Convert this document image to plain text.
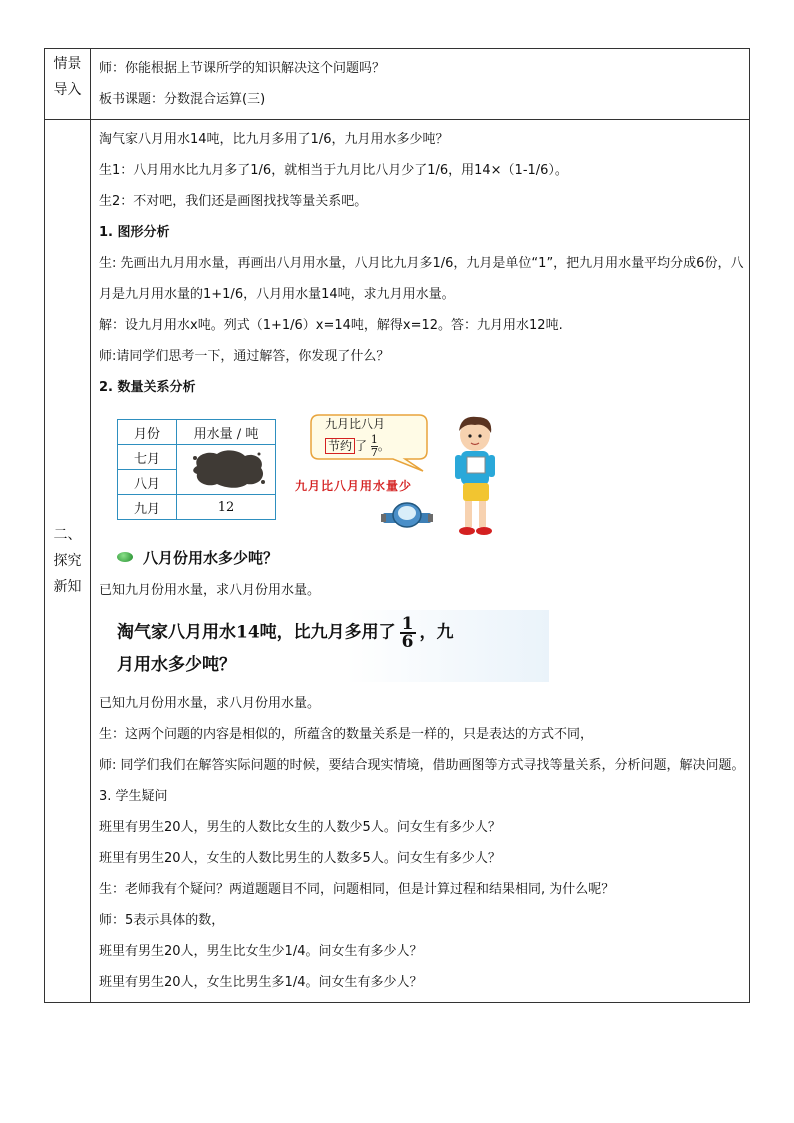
情景
导入

师：你能根据上节课所学的知识解决这个问题吗？

板书课题：分数混合运算(三)

二、
探究
新知

淘气家八月用水14吨，比九月多用了1/6，九月用水多少吨？

生1：八月用水比九月多了1/6，就相当于九月比八月少了1/6，用14×（1-1/6）。

生2：不对吧，我们还是画图找找等量关系吧。

1. 图形分析

生: 先画出九月用水量，再画出八月用水量，八月比九月多1/6，九月是单位“1”，把九月用水量平均分成6份，八月是九月用水量的1+1/6，八月用水量14吨，求九月用水量。

解：设九月用水x吨。列式（1+1/6）x=14吨，解得x=12。答：九月用水12吨.

师:请同学们思考一下，通过解答，你发现了什么？

2. 数量关系分析

月份	用水量 / 吨
七月	

八月
九月	12
九月比八月
节约 了 $\frac{1}{7}$。
九月比八月用水量少
八月份用水多少吨？

已知九月份用水量，求八月份用水量。

淘气家八月用水14吨，比九月多用了 $\frac{1}{6}$ ，九
月用水多少吨？

已知九月份用水量，求八月份用水量。

生：这两个问题的内容是相似的，所蕴含的数量关系是一样的，只是表达的方式不同，

师: 同学们我们在解答实际问题的时候，要结合现实情境，借助画图等方式寻找等量关系，分析问题，解决问题。

3. 学生疑问

班里有男生20人，男生的人数比女生的人数少5人。问女生有多少人？

班里有男生20人，女生的人数比男生的人数多5人。问女生有多少人？

生：老师我有个疑问？两道题题目不同，问题相同，但是计算过程和结果相同, 为什么呢？

师：5表示具体的数，

班里有男生20人，男生比女生少1/4。问女生有多少人？

班里有男生20人，女生比男生多1/4。问女生有多少人？
